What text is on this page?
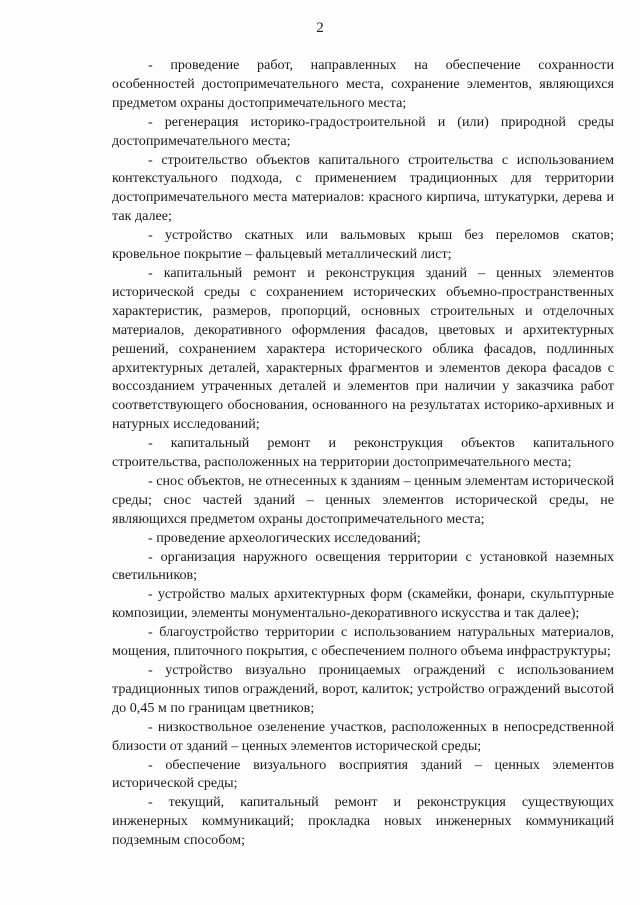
2

- проведение работ, направленных на обеспечение сохранности особенностей достопримечательного места, сохранение элементов, являющихся предметом охраны достопримечательного места;

- регенерация историко-градостроительной и (или) природной среды достопримечательного места;

- строительство объектов капитального строительства с использованием контекстуального подхода, с применением традиционных для территории достопримечательного места материалов: красного кирпича, штукатурки, дерева и так далее;

- устройство скатных или вальмовых крыш без переломов скатов; кровельное покрытие – фальцевый металлический лист;

- капитальный ремонт и реконструкция зданий – ценных элементов исторической среды с сохранением исторических объемно-пространственных характеристик, размеров, пропорций, основных строительных и отделочных материалов, декоративного оформления фасадов, цветовых и архитектурных решений, сохранением характера исторического облика фасадов, подлинных архитектурных деталей, характерных фрагментов и элементов декора фасадов с воссозданием утраченных деталей и элементов при наличии у заказчика работ соответствующего обоснования, основанного на результатах историко-архивных и натурных исследований;

- капитальный ремонт и реконструкция объектов капитального строительства, расположенных на территории достопримечательного места;

- снос объектов, не отнесенных к зданиям – ценным элементам исторической среды; снос частей зданий – ценных элементов исторической среды, не являющихся предметом охраны достопримечательного места;

- проведение археологических исследований;

- организация наружного освещения территории с установкой наземных светильников;

- устройство малых архитектурных форм (скамейки, фонари, скульптурные композиции, элементы монументально-декоративного искусства и так далее);

- благоустройство территории с использованием натуральных материалов, мощения, плиточного покрытия, с обеспечением полного объема инфраструктуры;

- устройство визуально проницаемых ограждений с использованием традиционных типов ограждений, ворот, калиток; устройство ограждений высотой до 0,45 м по границам цветников;

- низкоствольное озеленение участков, расположенных в непосредственной близости от зданий – ценных элементов исторической среды;

- обеспечение визуального восприятия зданий – ценных элементов исторической среды;

- текущий, капитальный ремонт и реконструкция существующих инженерных коммуникаций; прокладка новых инженерных коммуникаций подземным способом;
